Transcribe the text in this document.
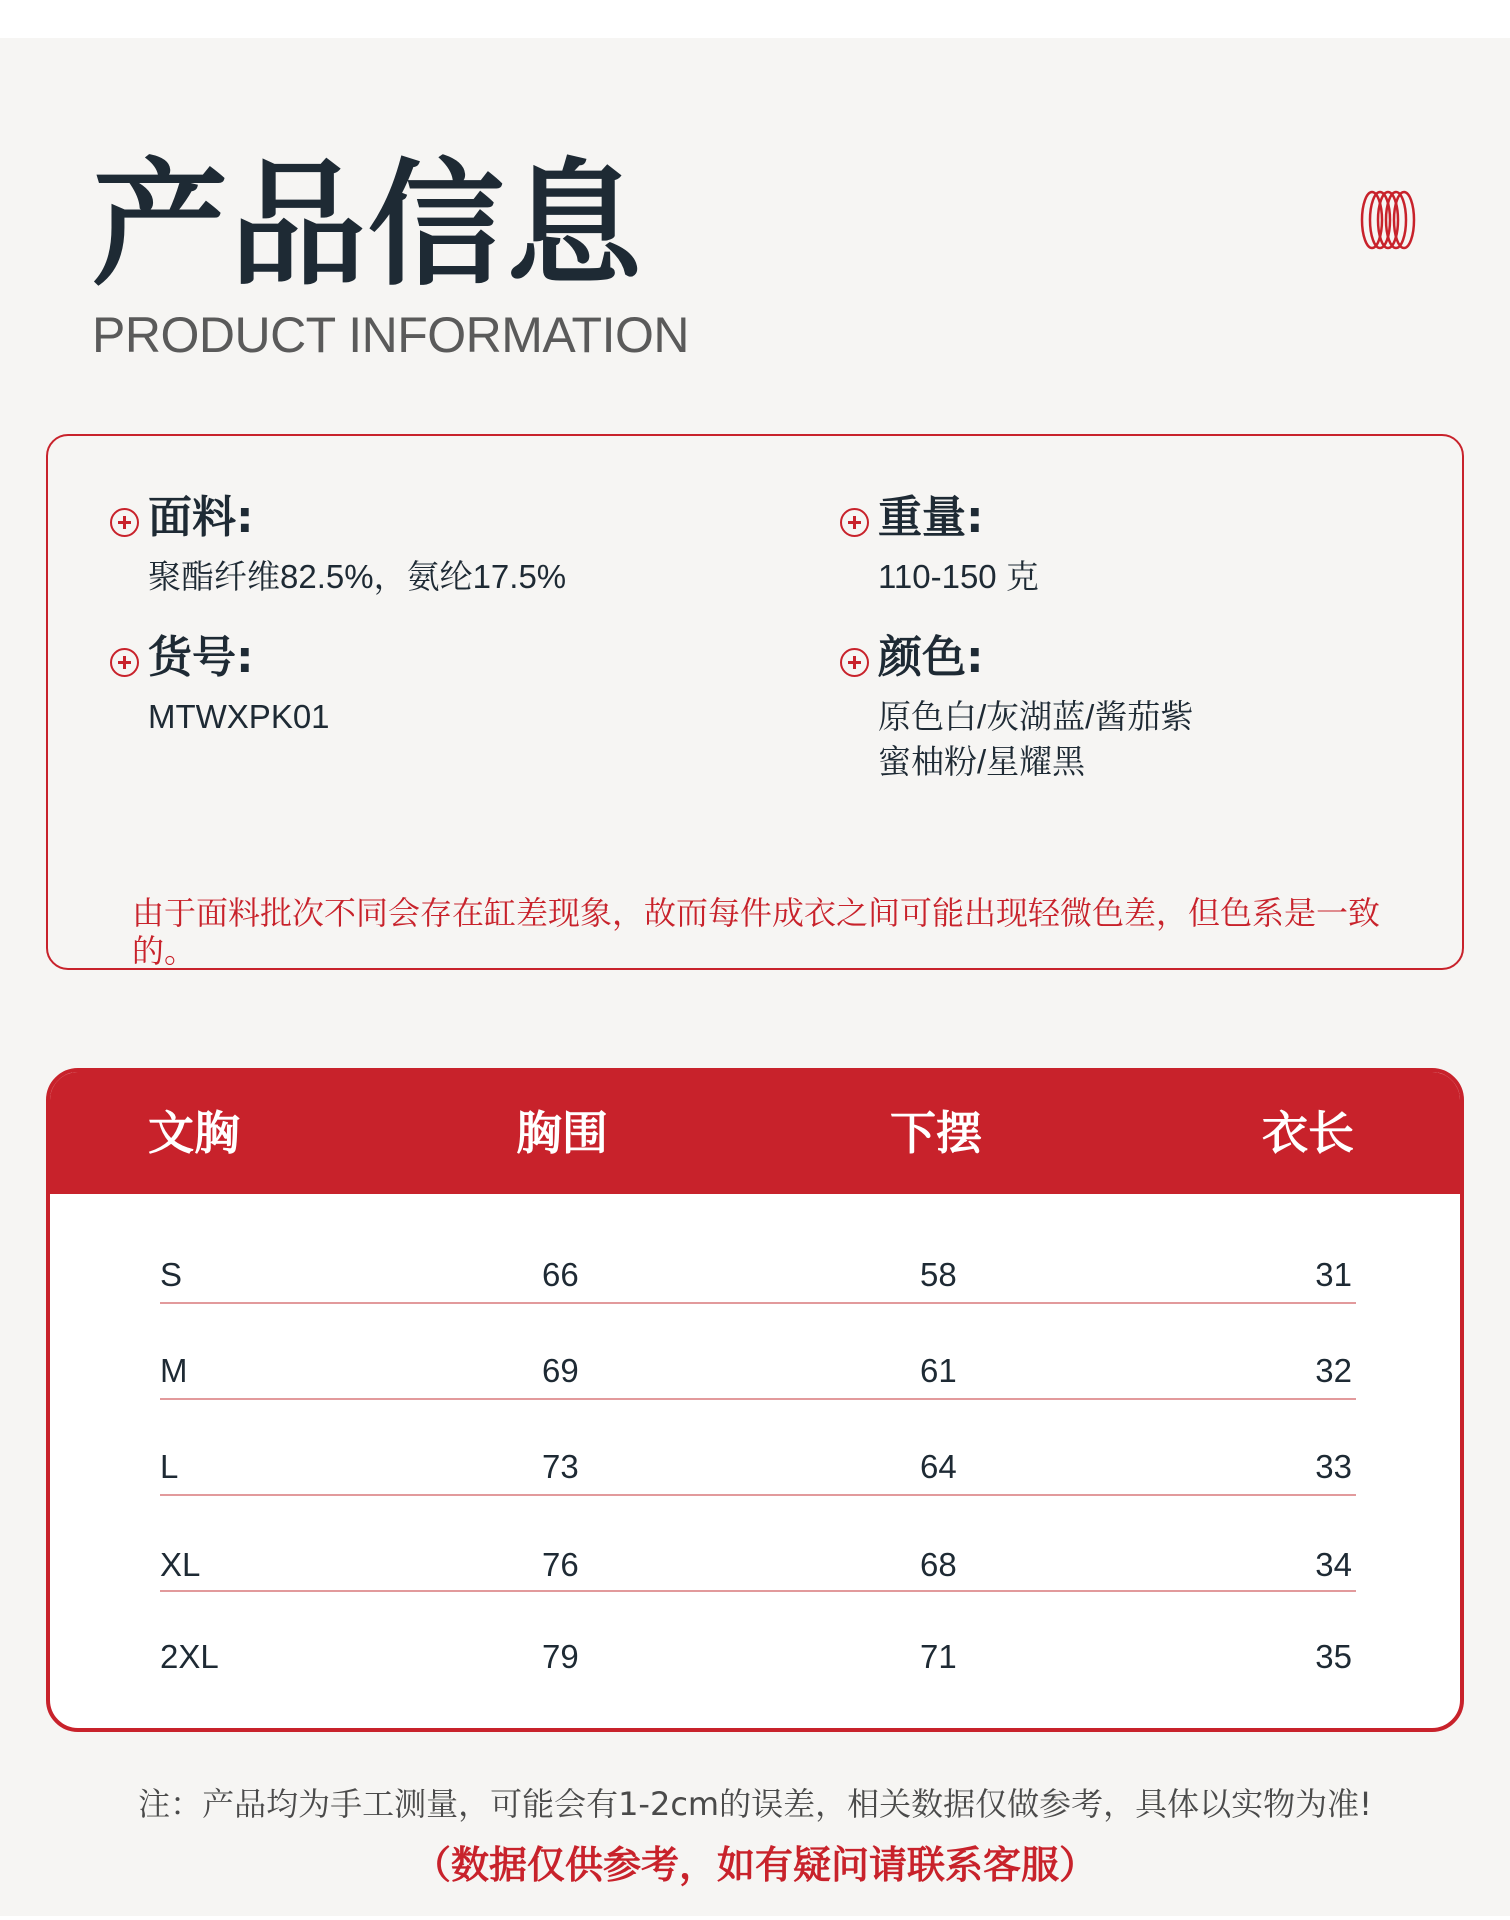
产品信息
PRODUCT INFORMATION
面料:
聚酯纤维82.5%，氨纶17.5%
重量:
110-150 克
货号:
MTWXPK01
颜色:
原色白/灰湖蓝/酱茄紫
蜜柚粉/星耀黑
由于面料批次不同会存在缸差现象，故而每件成衣之间可能出现轻微色差，但色系是一致的。
文胸	胸围	下摆	衣长
S	66	58	31
M	69	61	32
L	73	64	33
XL	76	68	34
2XL	79	71	35
注：产品均为手工测量，可能会有1-2cm的误差，相关数据仅做参考，具体以实物为准!
（数据仅供参考，如有疑问请联系客服）
